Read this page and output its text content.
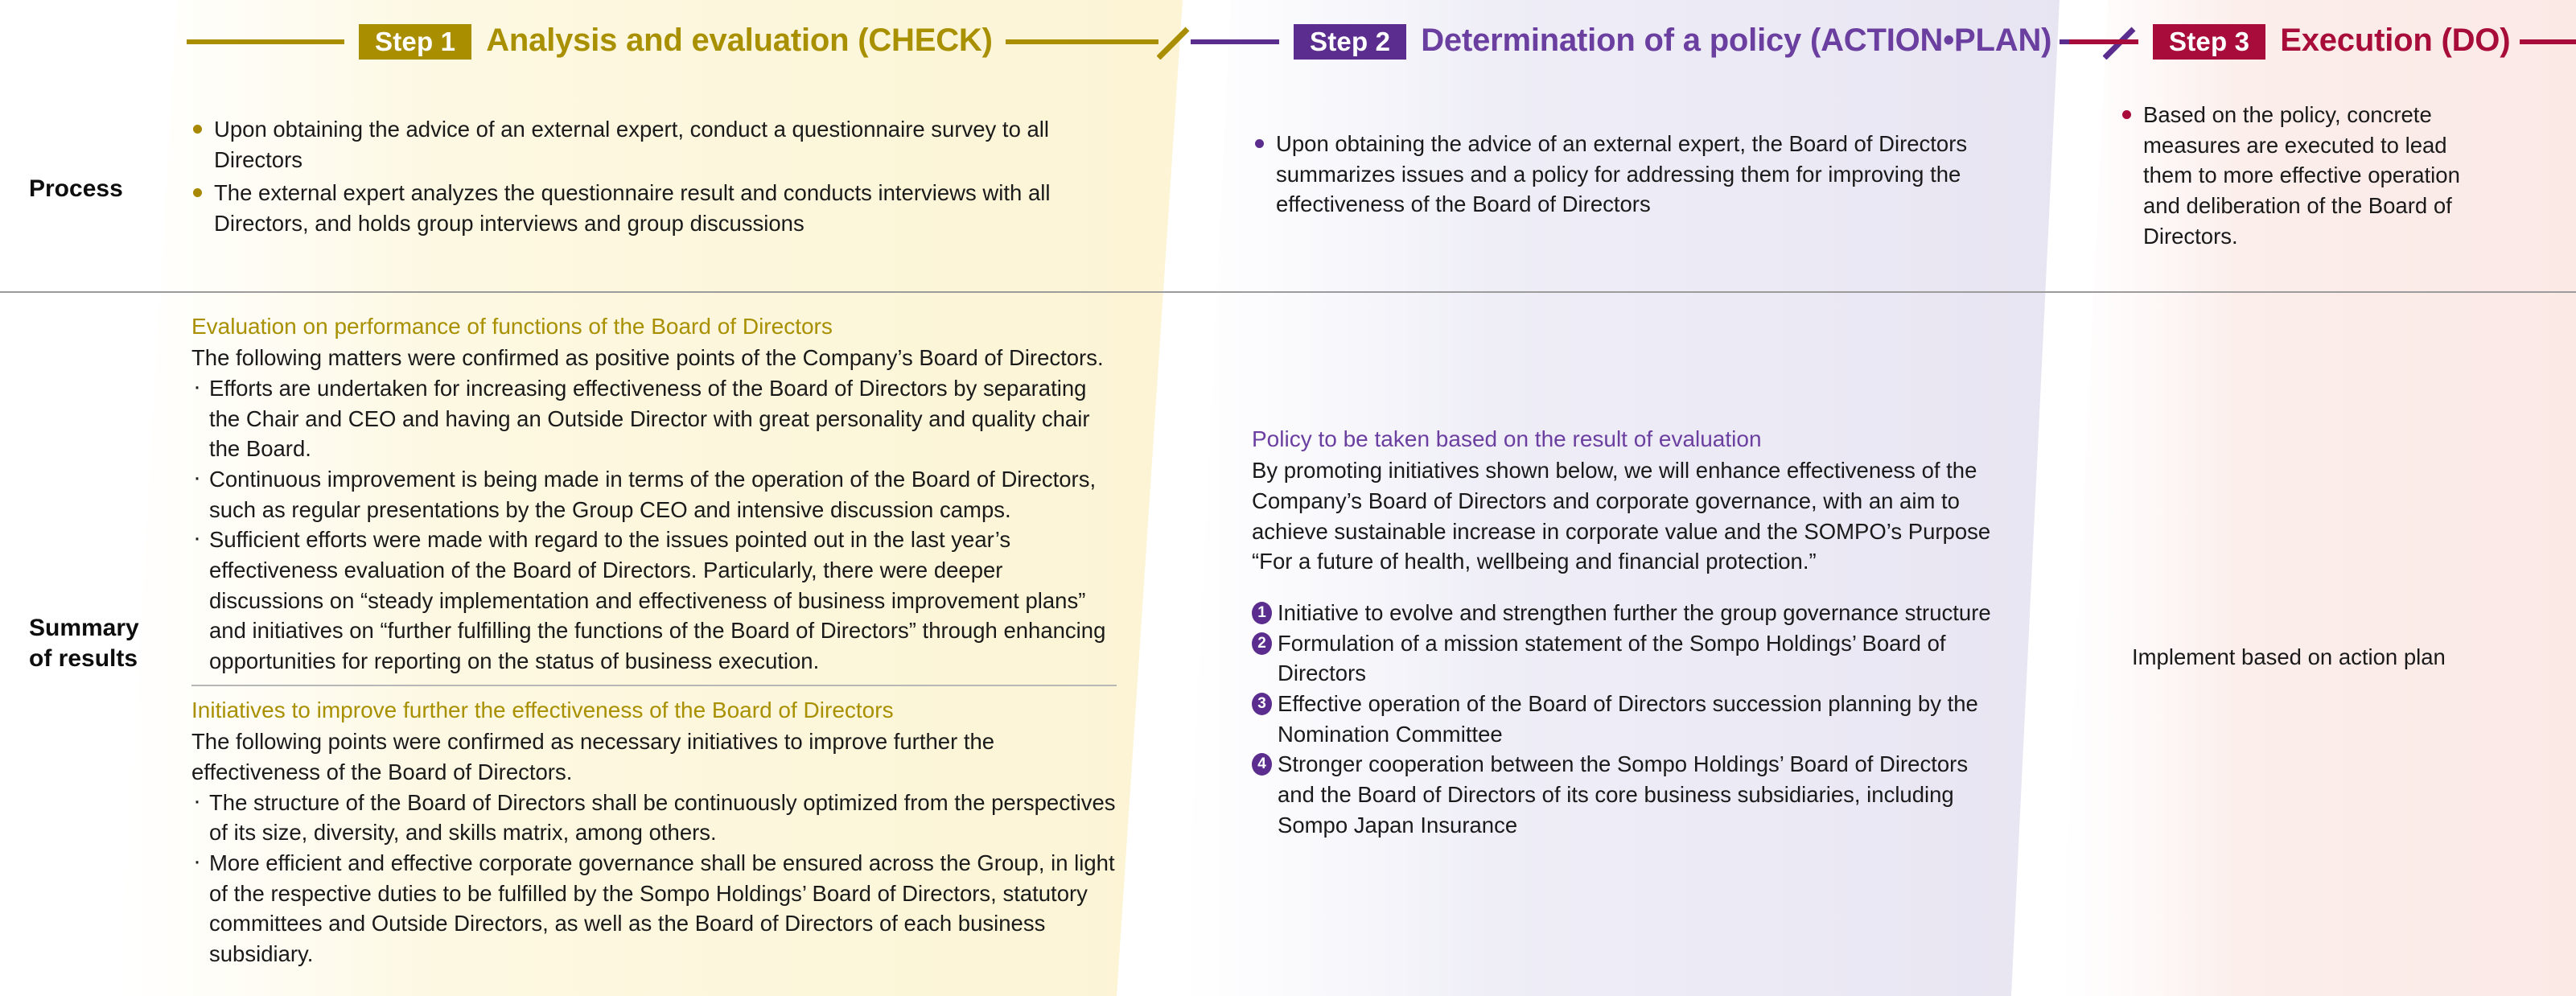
Step 1 Analysis and evaluation (CHECK)	Step 2 Determination of a policy (ACTION•PLAN)	Step 3 Execution (DO)
Process
Summary
of results
Upon obtaining the advice of an external expert, conduct a questionnaire survey to all Directors
The external expert analyzes the questionnaire result and conducts interviews with all Directors, and holds group interviews and group discussions
Upon obtaining the advice of an external expert, the Board of Directors summarizes issues and a policy for addressing them for improving the effectiveness of the Board of Directors
Based on the policy, concrete measures are executed to lead them to more effective operation and deliberation of the Board of Directors.
Evaluation on performance of functions of the Board of Directors
The following matters were confirmed as positive points of the Company’s Board of Directors.
· Efforts are undertaken for increasing effectiveness of the Board of Directors by separating the Chair and CEO and having an Outside Director with great personality and quality chair the Board.
· Continuous improvement is being made in terms of the operation of the Board of Directors, such as regular presentations by the Group CEO and intensive discussion camps.
· Sufficient efforts were made with regard to the issues pointed out in the last year’s effectiveness evaluation of the Board of Directors. Particularly, there were deeper discussions on “steady implementation and effectiveness of business improvement plans” and initiatives on “further fulfilling the functions of the Board of Directors” through enhancing opportunities for reporting on the status of business execution.
Initiatives to improve further the effectiveness of the Board of Directors
The following points were confirmed as necessary initiatives to improve further the effectiveness of the Board of Directors.
· The structure of the Board of Directors shall be continuously optimized from the perspectives of its size, diversity, and skills matrix, among others.
· More efficient and effective corporate governance shall be ensured across the Group, in light of the respective duties to be fulfilled by the Sompo Holdings’ Board of Directors, statutory committees and Outside Directors, as well as the Board of Directors of each business subsidiary.
Policy to be taken based on the result of evaluation
By promoting initiatives shown below, we will enhance effectiveness of the Company’s Board of Directors and corporate governance, with an aim to achieve sustainable increase in corporate value and the SOMPO’s Purpose “For a future of health, wellbeing and financial protection.”
1 Initiative to evolve and strengthen further the group governance structure
2 Formulation of a mission statement of the Sompo Holdings’ Board of Directors
3 Effective operation of the Board of Directors succession planning by the Nomination Committee
4 Stronger cooperation between the Sompo Holdings’ Board of Directors and the Board of Directors of its core business subsidiaries, including Sompo Japan Insurance
Implement based on action plan
